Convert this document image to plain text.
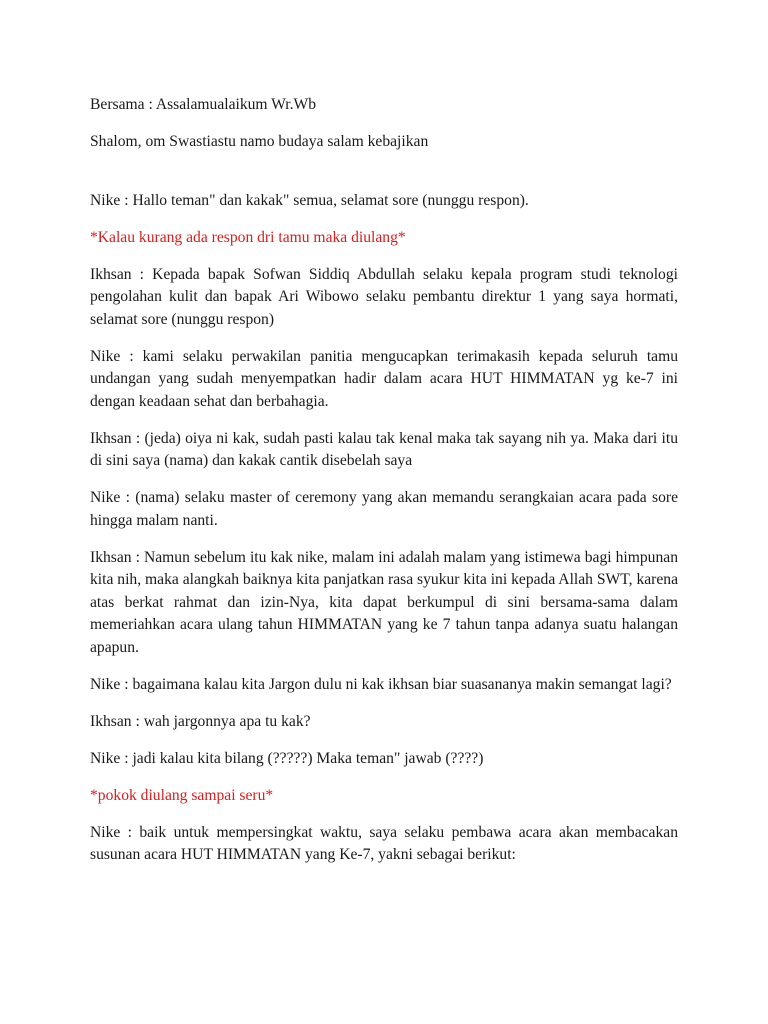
Bersama : Assalamualaikum Wr.Wb

Shalom, om Swastiastu namo budaya salam kebajikan

Nike : Hallo teman" dan kakak" semua, selamat sore (nunggu respon).

*Kalau kurang ada respon dri tamu maka diulang*

Ikhsan : Kepada bapak Sofwan Siddiq Abdullah selaku kepala program studi teknologi pengolahan kulit dan bapak Ari Wibowo selaku pembantu direktur 1 yang saya hormati, selamat sore (nunggu respon)

Nike : kami selaku perwakilan panitia mengucapkan terimakasih kepada seluruh tamu undangan yang sudah menyempatkan hadir dalam acara HUT HIMMATAN yg ke-7 ini dengan keadaan sehat dan berbahagia.

Ikhsan : (jeda) oiya ni kak, sudah pasti kalau tak kenal maka tak sayang nih ya. Maka dari itu di sini saya (nama) dan kakak cantik disebelah saya

Nike : (nama) selaku master of ceremony yang akan memandu serangkaian acara pada sore hingga malam nanti.

Ikhsan : Namun sebelum itu kak nike, malam ini adalah malam yang istimewa bagi himpunan kita nih, maka alangkah baiknya kita panjatkan rasa syukur kita ini kepada Allah SWT, karena atas berkat rahmat dan izin-Nya, kita dapat berkumpul di sini bersama-sama dalam memeriahkan acara ulang tahun HIMMATAN yang ke 7 tahun tanpa adanya suatu halangan apapun.

Nike : bagaimana kalau kita Jargon dulu ni kak ikhsan biar suasananya makin semangat lagi?

Ikhsan : wah jargonnya apa tu kak?

Nike : jadi kalau kita bilang (?????) Maka teman" jawab (????)

*pokok diulang sampai seru*

Nike : baik untuk mempersingkat waktu, saya selaku pembawa acara akan membacakan susunan acara HUT HIMMATAN yang Ke-7, yakni sebagai berikut:
